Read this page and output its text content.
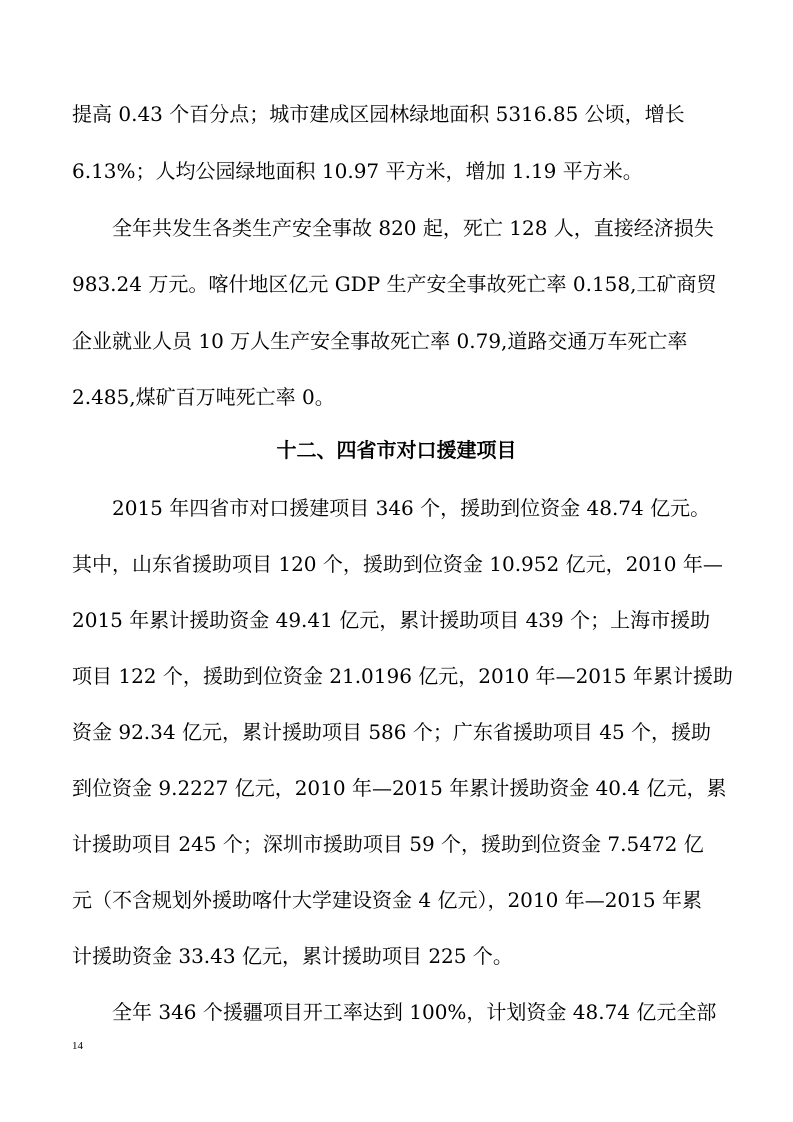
提高 0.43 个百分点；城市建成区园林绿地面积 5316.85 公顷，增长
6.13%；人均公园绿地面积 10.97 平方米，增加 1.19 平方米。
全年共发生各类生产安全事故 820 起，死亡 128 人，直接经济损失
983.24 万元。喀什地区亿元 GDP 生产安全事故死亡率 0.158,工矿商贸
企业就业人员 10 万人生产安全事故死亡率 0.79,道路交通万车死亡率
2.485,煤矿百万吨死亡率 0。
十二、四省市对口援建项目
2015 年四省市对口援建项目 346 个，援助到位资金 48.74 亿元。
其中，山东省援助项目 120 个，援助到位资金 10.952 亿元，2010 年—
2015 年累计援助资金 49.41 亿元，累计援助项目 439 个；上海市援助
项目 122 个，援助到位资金 21.0196 亿元，2010 年—2015 年累计援助
资金 92.34 亿元，累计援助项目 586 个；广东省援助项目 45 个，援助
到位资金 9.2227 亿元，2010 年—2015 年累计援助资金 40.4 亿元，累
计援助项目 245 个；深圳市援助项目 59 个，援助到位资金 7.5472 亿
元（不含规划外援助喀什大学建设资金 4 亿元），2010 年—2015 年累
计援助资金 33.43 亿元，累计援助项目 225 个。
全年 346 个援疆项目开工率达到 100%，计划资金 48.74 亿元全部
14
